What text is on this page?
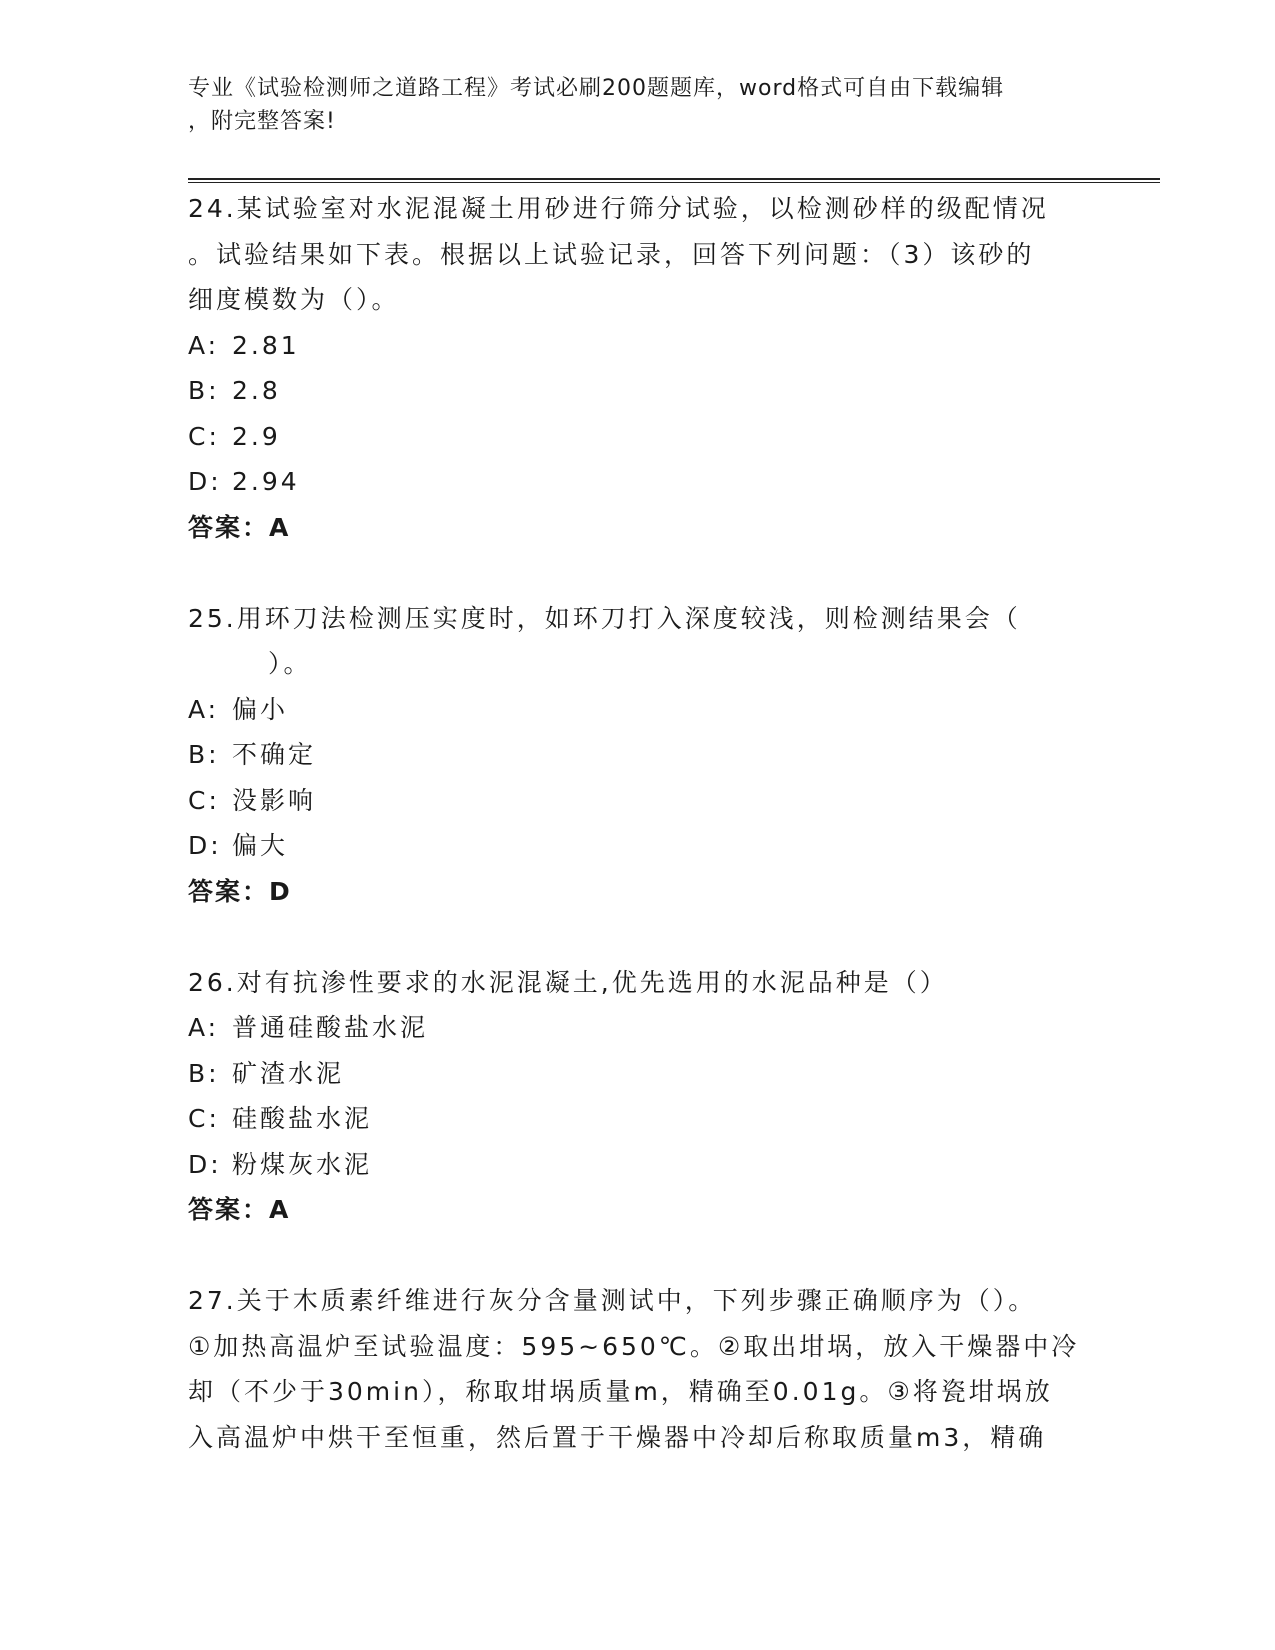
专业《试验检测师之道路工程》考试必刷200题题库，word格式可自由下载编辑
，附完整答案!

24.某试验室对水泥混凝土用砂进行筛分试验，以检测砂样的级配情况

。试验结果如下表。根据以上试验记录，回答下列问题：（3）该砂的

细度模数为（）。

A: 2.81

B: 2.8

C: 2.9

D: 2.94

答案：A

25.用环刀法检测压实度时，如环刀打入深度较浅，则检测结果会（

）。

A: 偏小

B: 不确定

C: 没影响

D: 偏大

答案：D

26.对有抗渗性要求的水泥混凝土,优先选用的水泥品种是（）

A: 普通硅酸盐水泥

B: 矿渣水泥

C: 硅酸盐水泥

D: 粉煤灰水泥

答案：A

27.关于木质素纤维进行灰分含量测试中，下列步骤正确顺序为（）。

①加热高温炉至试验温度：595~650℃。②取出坩埚，放入干燥器中冷

却（不少于30min），称取坩埚质量m，精确至0.01g。③将瓷坩埚放

入高温炉中烘干至恒重，然后置于干燥器中冷却后称取质量m3，精确
